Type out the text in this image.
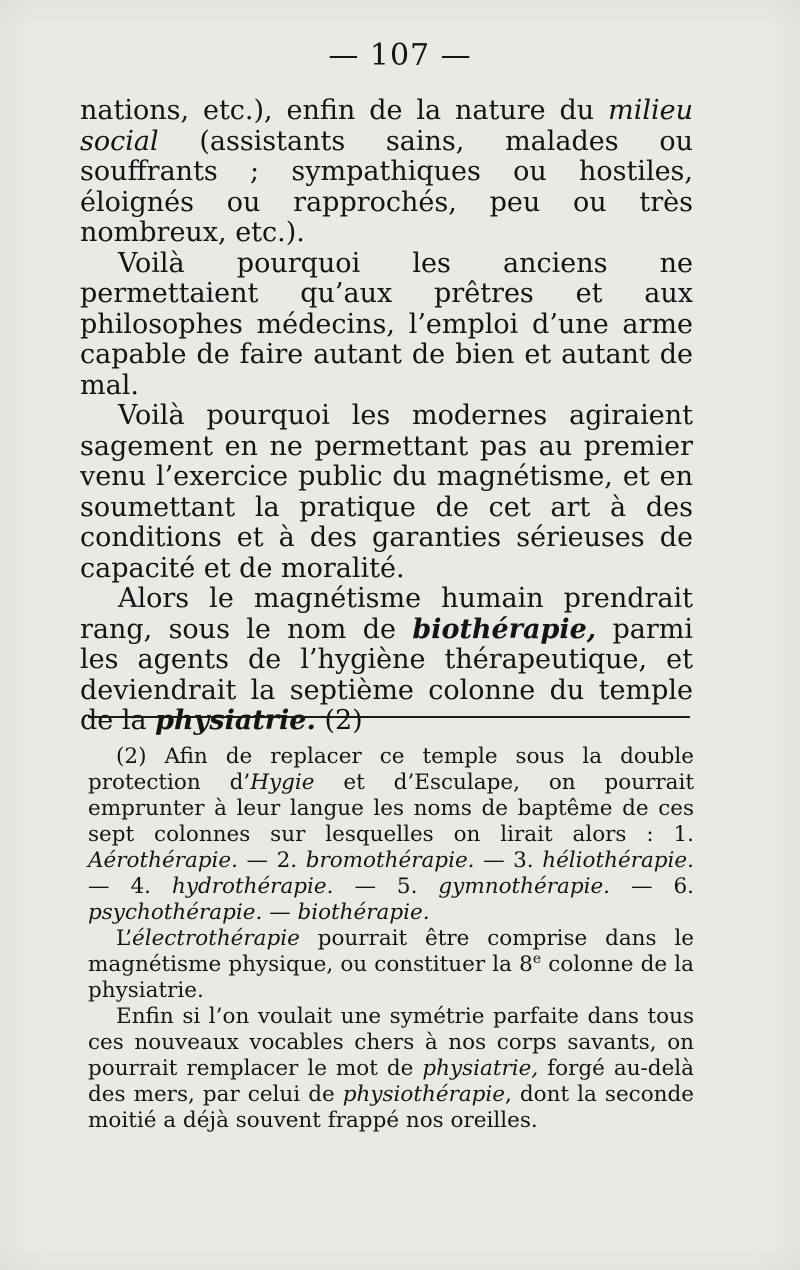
— 107 —

nations, etc.), enfin de la nature du milieu social (assistants sains, malades ou souffrants ; sympathiques ou hostiles, éloignés ou rapprochés, peu ou très nombreux, etc.).

Voilà pourquoi les anciens ne permettaient qu’aux prêtres et aux philosophes médecins, l’emploi d’une arme capable de faire autant de bien et autant de mal.

Voilà pourquoi les modernes agiraient sagement en ne permettant pas au premier venu l’exercice public du magnétisme, et en soumettant la pratique de cet art à des conditions et à des garanties sérieuses de capacité et de moralité.

Alors le magnétisme humain prendrait rang, sous le nom de biothérapie, parmi les agents de l’hygiène thérapeutique, et deviendrait la septième colonne du temple de la physiatrie. (2)

(2) Afin de replacer ce temple sous la double protection d’Hygie et d’Esculape, on pourrait emprunter à leur langue les noms de baptême de ces sept colonnes sur lesquelles on lirait alors : 1. Aérothérapie. — 2. bromothérapie. — 3. héliothérapie. — 4. hydrothérapie. — 5. gymnothérapie. — 6. psychothérapie. — biothérapie.

L’électrothérapie pourrait être comprise dans le magnétisme physique, ou constituer la 8e colonne de la physiatrie.

Enfin si l’on voulait une symétrie parfaite dans tous ces nouveaux vocables chers à nos corps savants, on pourrait remplacer le mot de physiatrie, forgé au-delà des mers, par celui de physiothérapie, dont la seconde moitié a déjà souvent frappé nos oreilles.
